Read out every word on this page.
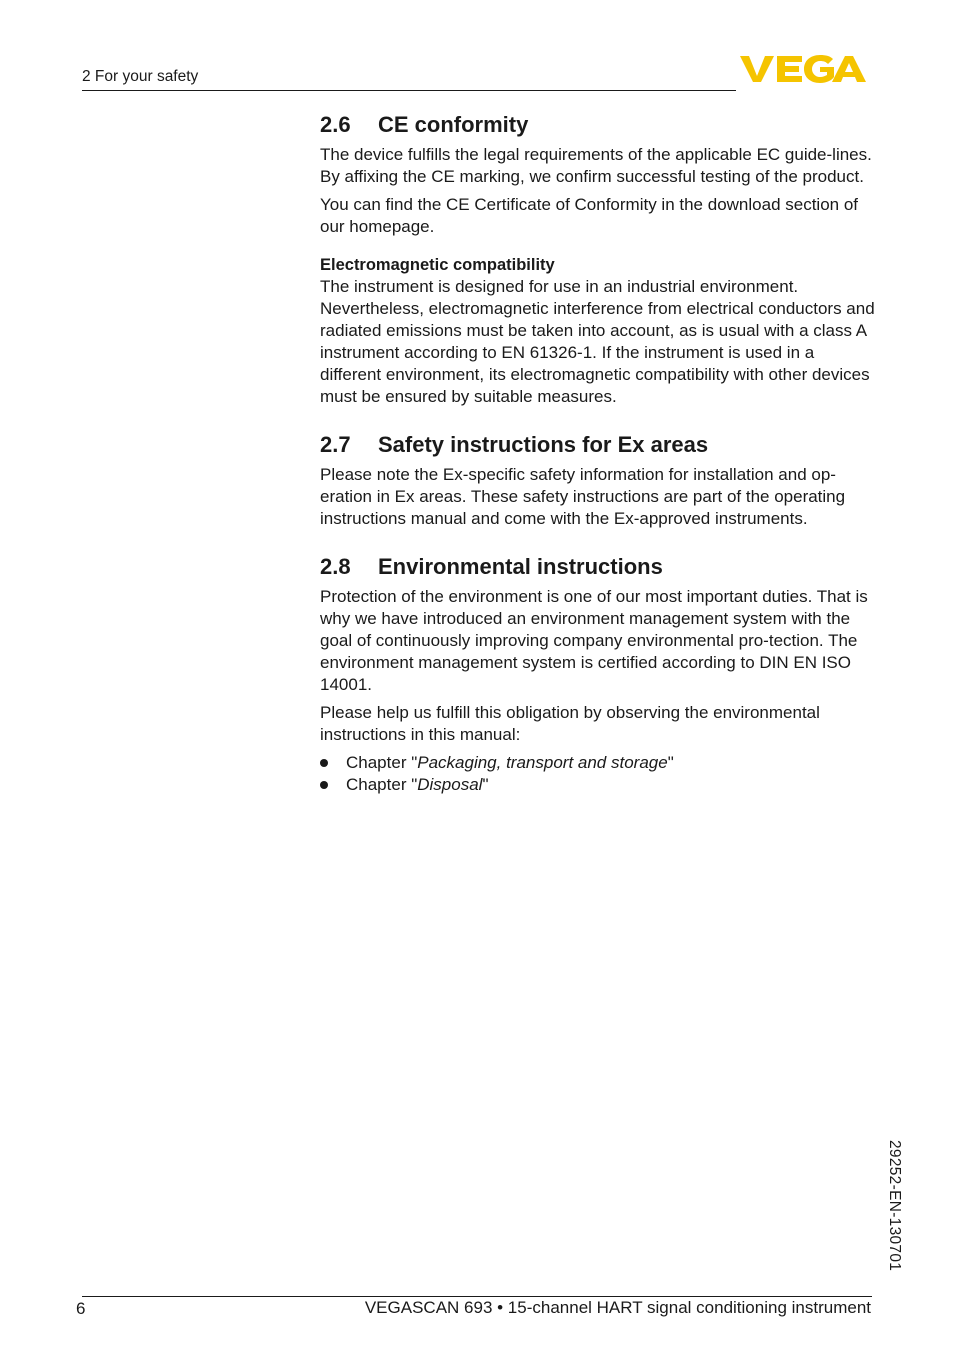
2 For your safety
2.6	CE conformity

The device fulfills the legal requirements of the applicable EC guide-lines. By affixing the CE marking, we confirm successful testing of the product.

You can find the CE Certificate of Conformity in the download section of our homepage.

Electromagnetic compatibility

The instrument is designed for use in an industrial environment. Nevertheless, electromagnetic interference from electrical conductors and radiated emissions must be taken into account, as is usual with a class A instrument according to EN 61326-1. If the instrument is used in a different environment, its electromagnetic compatibility with other devices must be ensured by suitable measures.

2.7	Safety instructions for Ex areas

Please note the Ex-specific safety information for installation and op-eration in Ex areas. These safety instructions are part of the operating instructions manual and come with the Ex-approved instruments.

2.8	Environmental instructions

Protection of the environment is one of our most important duties. That is why we have introduced an environment management system with the goal of continuously improving company environmental pro-tection. The environment management system is certified according to DIN EN ISO 14001.

Please help us fulfill this obligation by observing the environmental instructions in this manual:

Chapter "Packaging, transport and storage"
Chapter "Disposal"
29252-EN-130701
6	VEGASCAN 693 • 15-channel HART signal conditioning instrument
